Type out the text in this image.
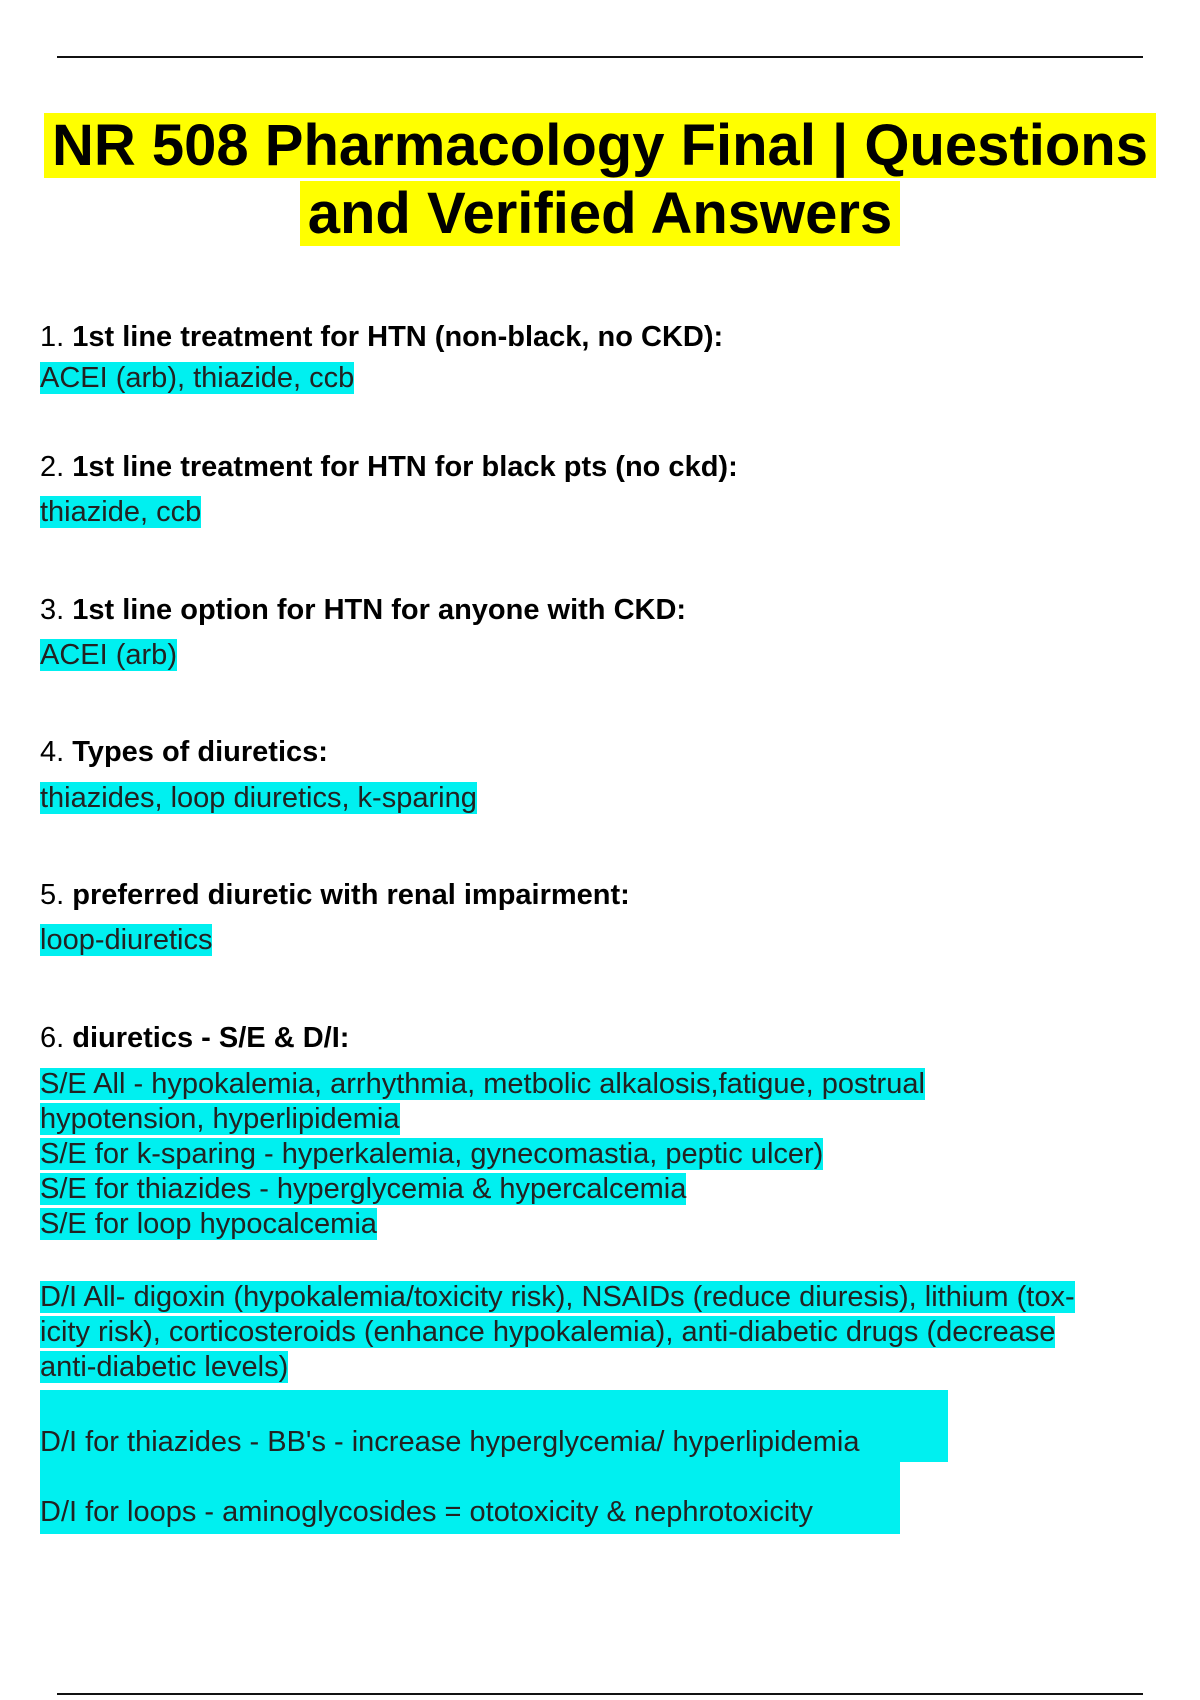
NR 508 Pharmacology Final | Questions
and Verified Answers
1. 1st line treatment for HTN (non-black, no CKD):
ACEI (arb), thiazide, ccb
2. 1st line treatment for HTN for black pts (no ckd):
thiazide, ccb
3. 1st line option for HTN for anyone with CKD:
ACEI (arb)
4. Types of diuretics:
thiazides, loop diuretics, k-sparing
5. preferred diuretic with renal impairment:
loop-diuretics
6. diuretics - S/E & D/I:
S/E All - hypokalemia, arrhythmia, metbolic alkalosis,fatigue, postrual
hypotension, hyperlipidemia
S/E for k-sparing - hyperkalemia, gynecomastia, peptic ulcer)
S/E for thiazides - hyperglycemia & hypercalcemia
S/E for loop hypocalcemia
D/I All- digoxin (hypokalemia/toxicity risk), NSAIDs (reduce diuresis), lithium (tox-
icity risk), corticosteroids (enhance hypokalemia), anti-diabetic drugs (decrease
anti-diabetic levels)
D/I for thiazides - BB's - increase hyperglycemia/ hyperlipidemia
D/I for loops - aminoglycosides = ototoxicity & nephrotoxicity
